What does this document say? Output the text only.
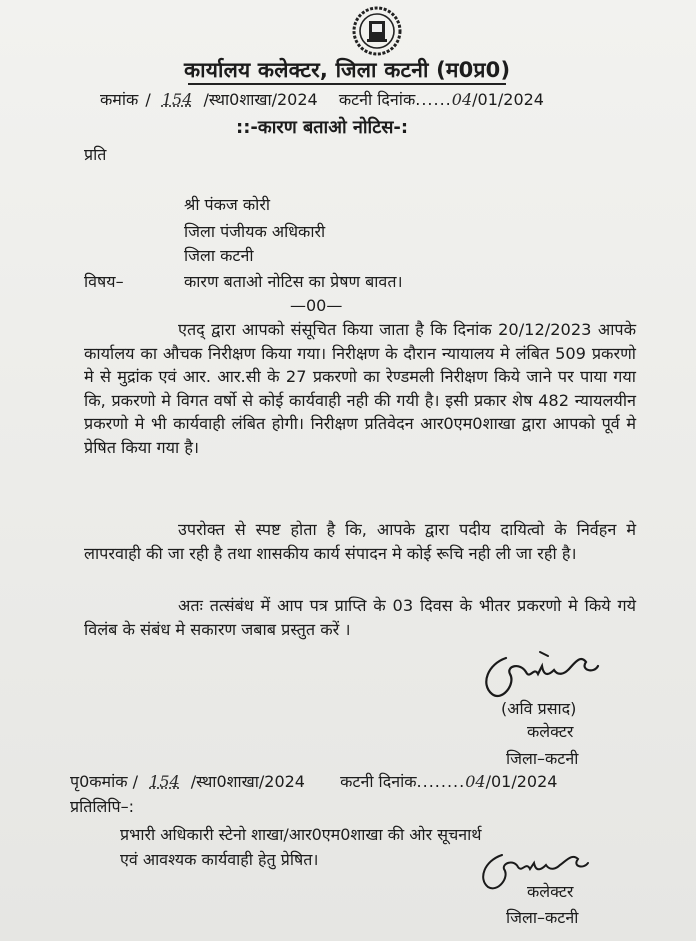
कार्यालय कलेक्टर, जिला कटनी (म0प्र0)
कमांक / 154 /स्था0शाखा/2024 कटनी दिनांक......04/01/2024
::-कारण बताओ नोटिस-:
प्रति
श्री पंकज कोरी
जिला पंजीयक अधिकारी
जिला कटनी
विषय–	कारण बताओ नोटिस का प्रेषण बावत।
—00—
एतद् द्वारा आपको संसूचित किया जाता है कि दिनांक 20/12/2023 आपके कार्यालय का औचक निरीक्षण किया गया। निरीक्षण के दौरान न्यायालय मे लंबित 509 प्रकरणो मे से मुद्रांक एवं आर. आर.सी के 27 प्रकरणो का रेण्डमली निरीक्षण किये जाने पर पाया गया कि, प्रकरणो मे विगत वर्षो से कोई कार्यवाही नही की गयी है। इसी प्रकार शेष 482 न्यायलयीन प्रकरणो मे भी कार्यवाही लंबित होगी। निरीक्षण प्रतिवेदन आर0एम0शाखा द्वारा आपको पूर्व मे प्रेषित किया गया है।
उपरोक्त से स्पष्ट होता है कि, आपके द्वारा पदीय दायित्वो के निर्वहन मे लापरवाही की जा रही है तथा शासकीय कार्य संपादन मे कोई रूचि नही ली जा रही है।
अतः तत्संबंध में आप पत्र प्राप्ति के 03 दिवस के भीतर प्रकरणो मे किये गये विलंब के संबंध मे सकारण जबाब प्रस्तुत करें ।
(अवि प्रसाद)
कलेक्टर
जिला–कटनी
पृ0कमांक / 154 /स्था0शाखा/2024 कटनी दिनांक........04/01/2024
प्रतिलिपि–:
प्रभारी अधिकारी स्टेनो शाखा/आर0एम0शाखा की ओर सूचनार्थ
एवं आवश्यक कार्यवाही हेतु प्रेषित।
कलेक्टर
जिला–कटनी
